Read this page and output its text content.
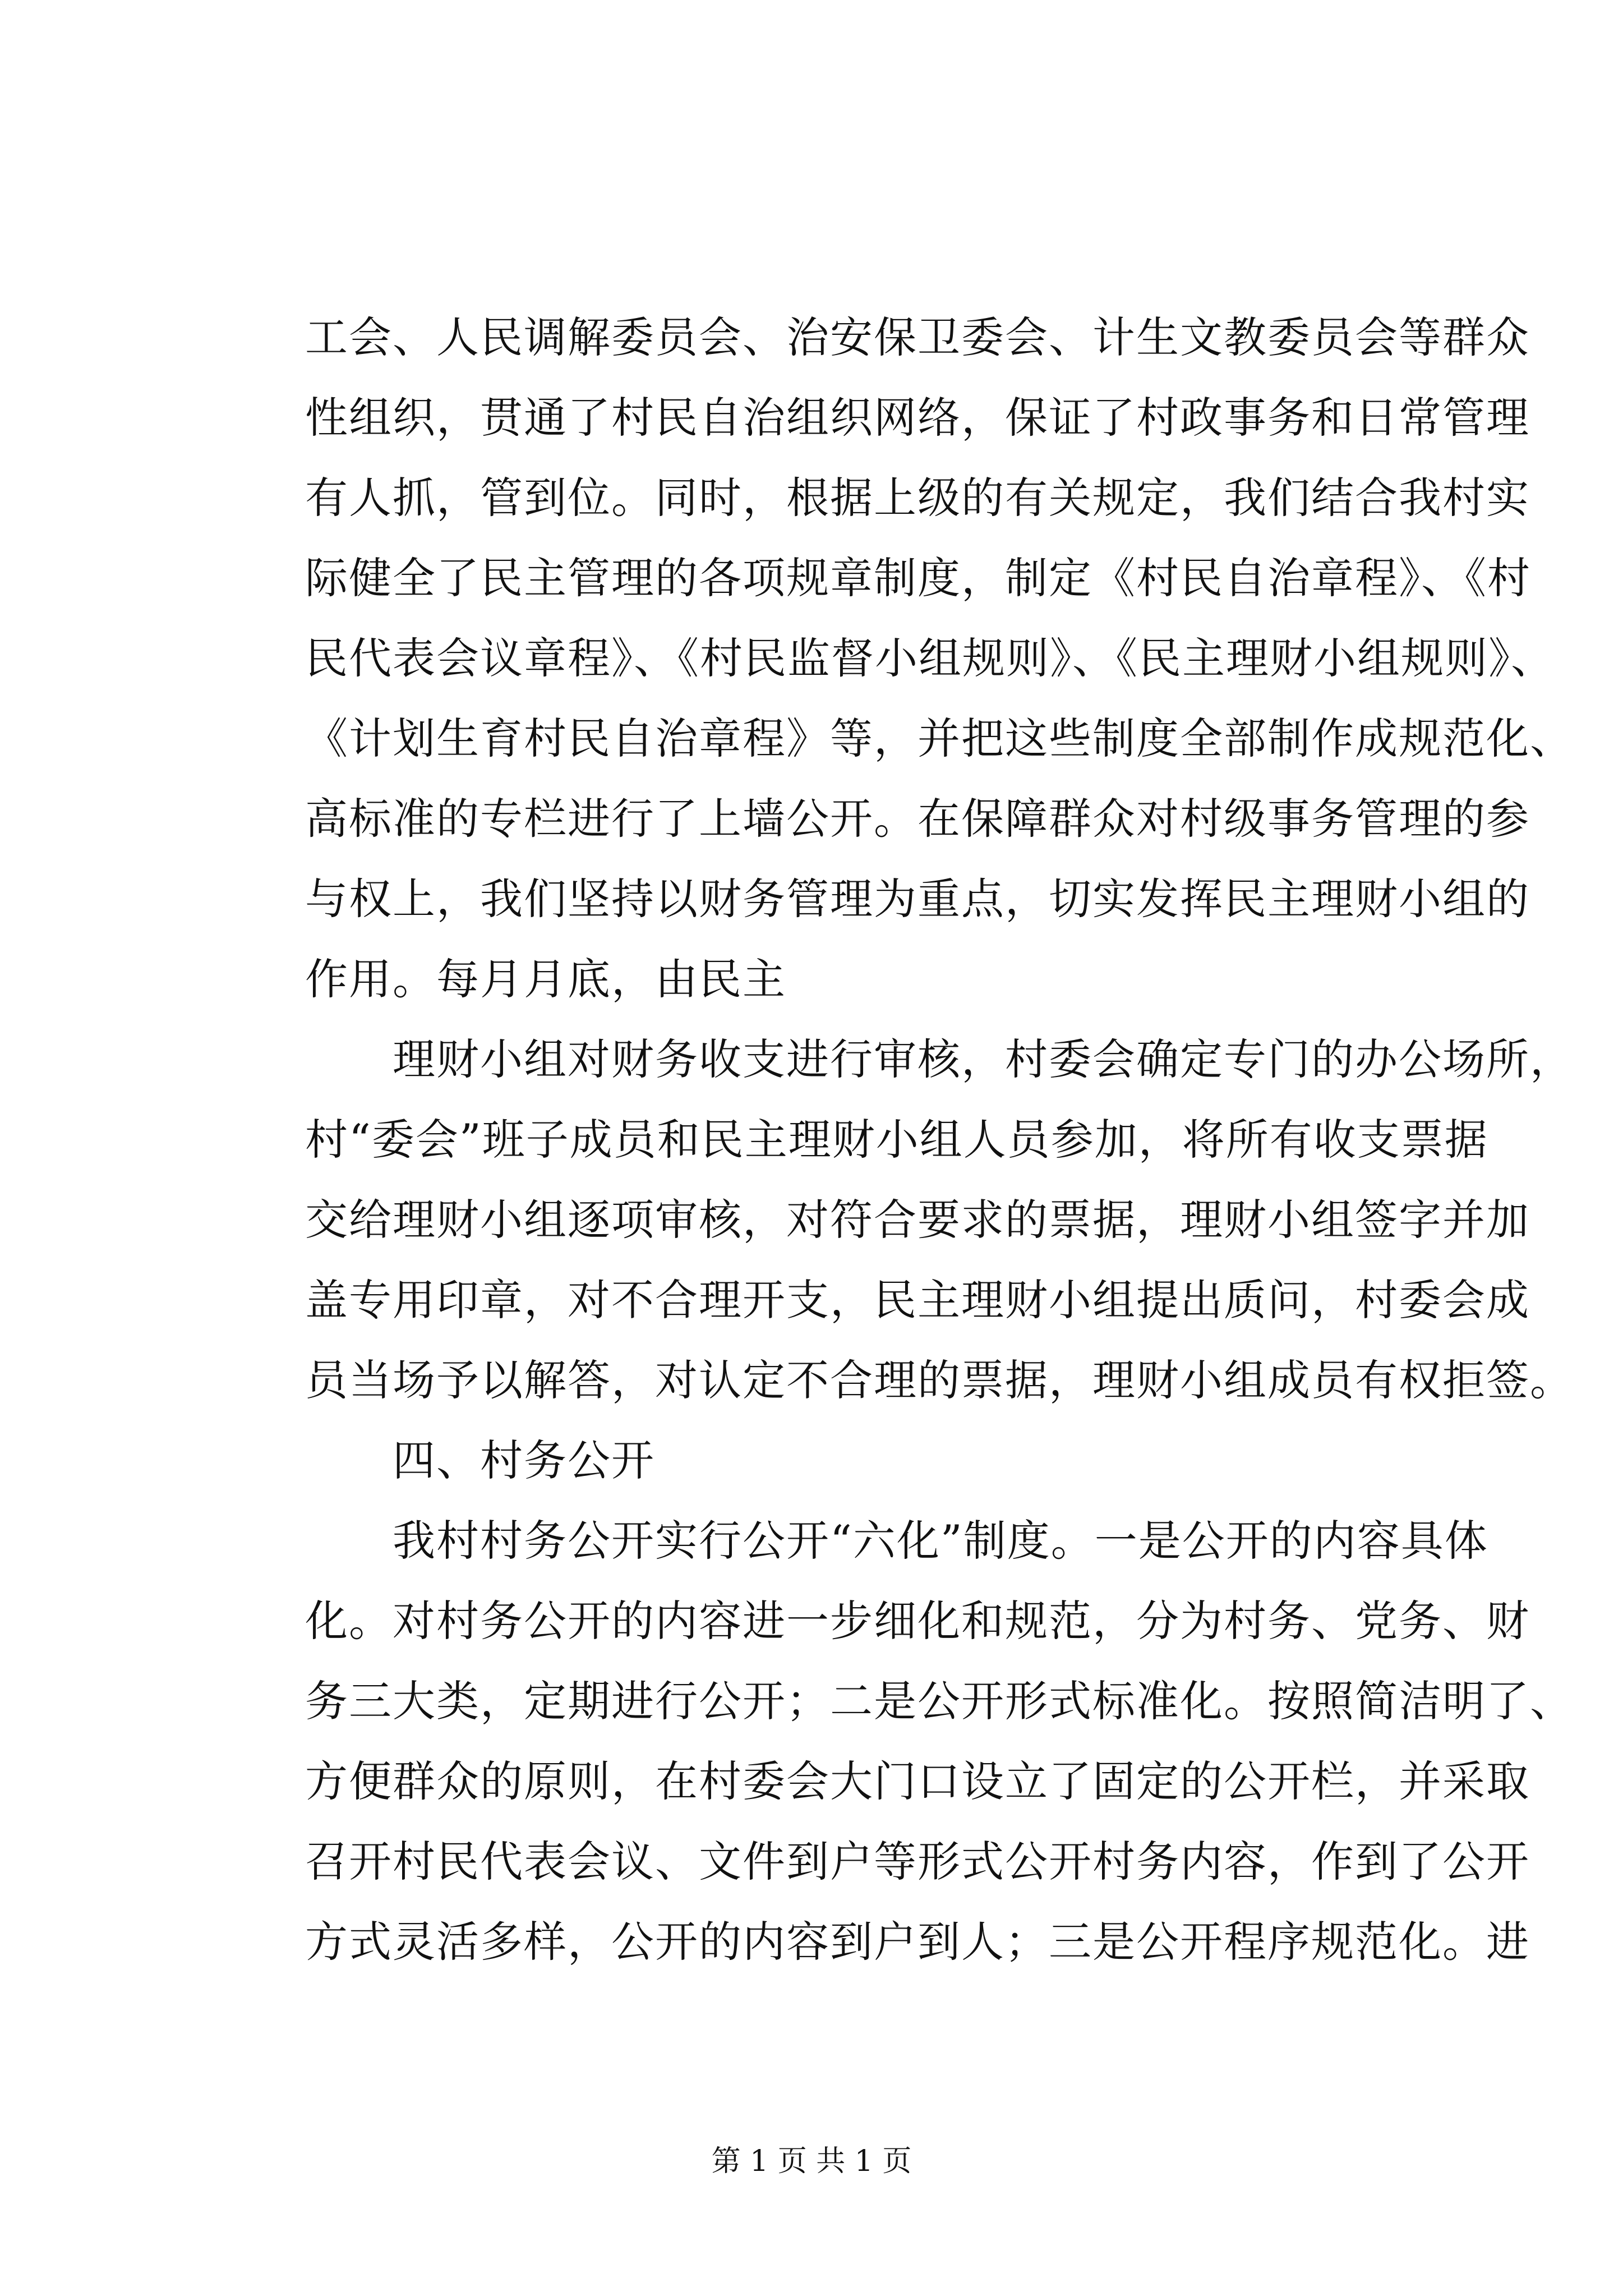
工会、人民调解委员会、治安保卫委会、计生文教委员会等群众
性组织，贯通了村民自治组织网络，保证了村政事务和日常管理
有人抓，管到位。同时，根据上级的有关规定，我们结合我村实
际健全了民主管理的各项规章制度，制定《村民自治章程》、《村
民代表会议章程》、《村民监督小组规则》、《民主理财小组规则》、
《计划生育村民自治章程》等，并把这些制度全部制作成规范化、
高标准的专栏进行了上墙公开。在保障群众对村级事务管理的参
与权上，我们坚持以财务管理为重点，切实发挥民主理财小组的
作用。每月月底，由民主
　　理财小组对财务收支进行审核，村委会确定专门的办公场所，
村“委会”班子成员和民主理财小组人员参加，将所有收支票据
交给理财小组逐项审核，对符合要求的票据，理财小组签字并加
盖专用印章，对不合理开支，民主理财小组提出质问，村委会成
员当场予以解答，对认定不合理的票据，理财小组成员有权拒签。
　　四、村务公开
　　我村村务公开实行公开“六化”制度。一是公开的内容具体
化。对村务公开的内容进一步细化和规范，分为村务、党务、财
务三大类，定期进行公开；二是公开形式标准化。按照简洁明了、
方便群众的原则，在村委会大门口设立了固定的公开栏，并采取
召开村民代表会议、文件到户等形式公开村务内容，作到了公开
方式灵活多样，公开的内容到户到人；三是公开程序规范化。进
第 1 页 共 1 页
